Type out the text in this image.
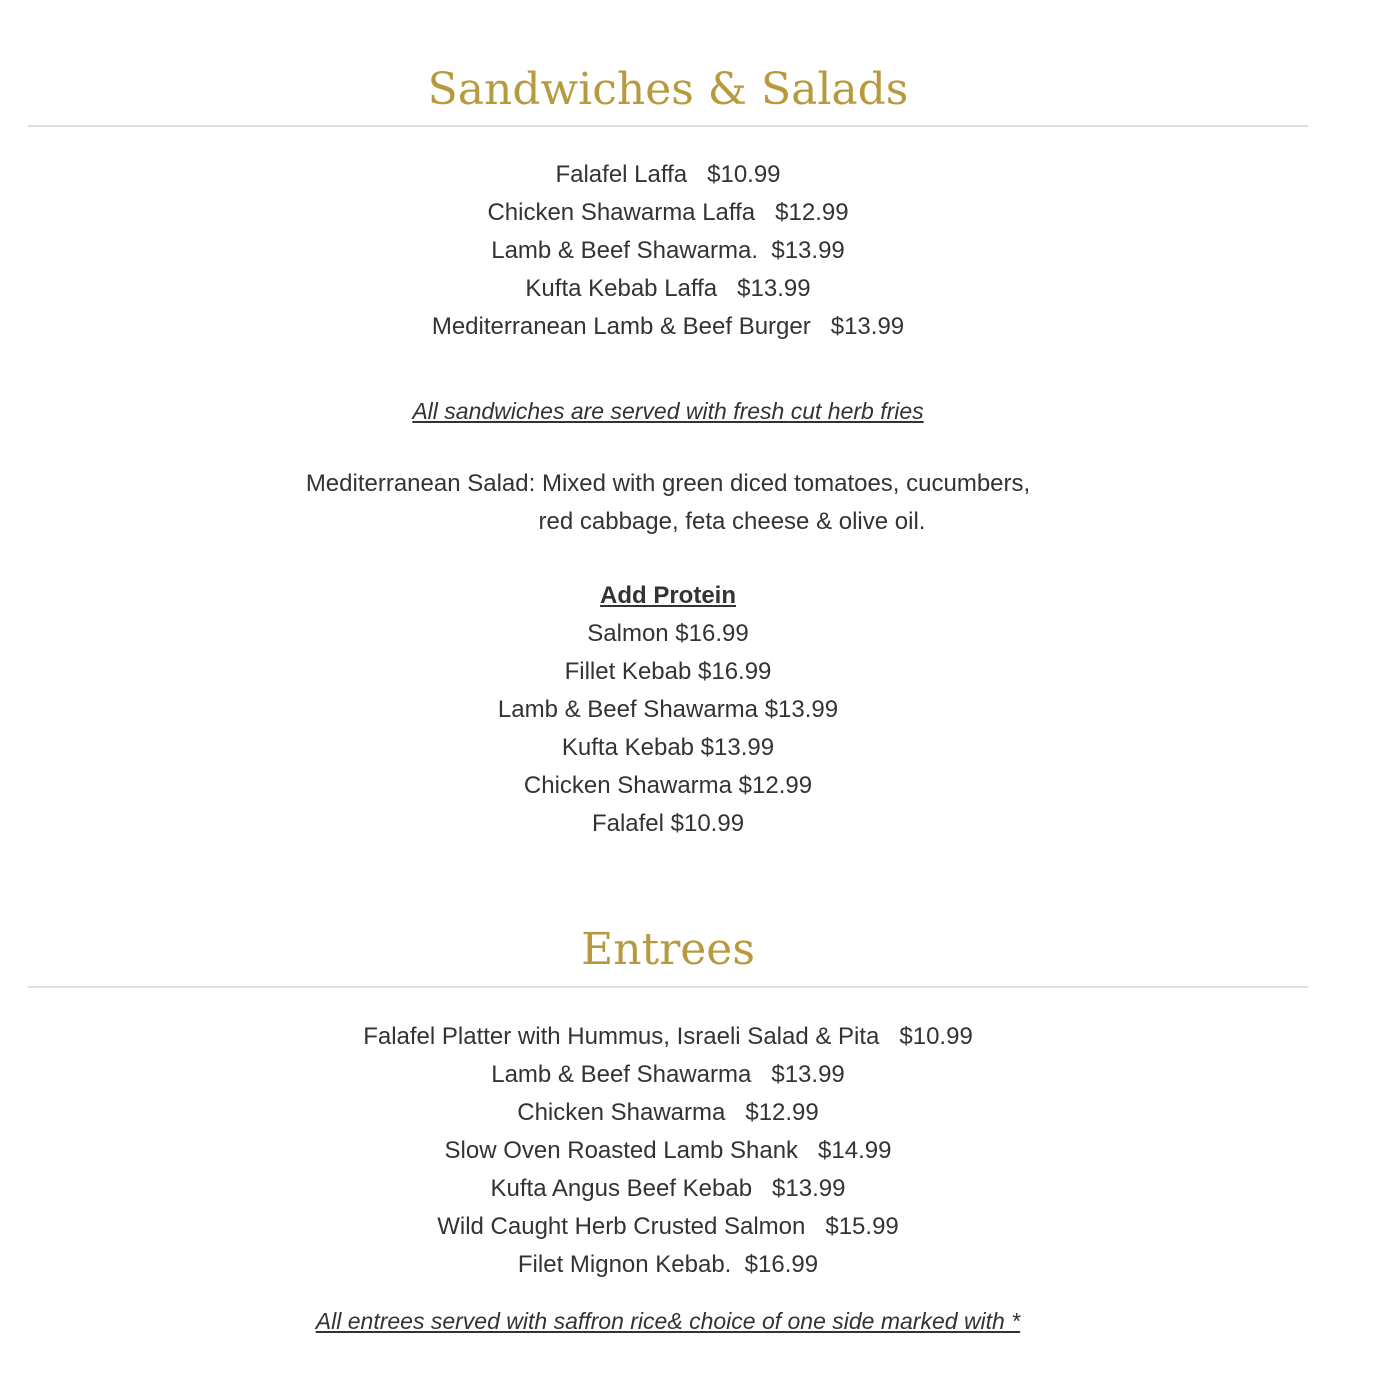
Sandwiches & Salads
Falafel Laffa   $10.99
Chicken Shawarma Laffa   $12.99
Lamb & Beef Shawarma.  $13.99
Kufta Kebab Laffa   $13.99
Mediterranean Lamb & Beef Burger   $13.99
All sandwiches are served with fresh cut herb fries
Mediterranean Salad: Mixed with green diced tomatoes, cucumbers,
red cabbage, feta cheese & olive oil.
Add Protein
Salmon $16.99
Fillet Kebab $16.99
Lamb & Beef Shawarma $13.99
Kufta Kebab $13.99
Chicken Shawarma $12.99
Falafel $10.99
Entrees
Falafel Platter with Hummus, Israeli Salad & Pita   $10.99
Lamb & Beef Shawarma   $13.99
Chicken Shawarma   $12.99
Slow Oven Roasted Lamb Shank   $14.99
Kufta Angus Beef Kebab   $13.99
Wild Caught Herb Crusted Salmon   $15.99
Filet Mignon Kebab.  $16.99
All entrees served with saffron rice& choice of one side marked with *
